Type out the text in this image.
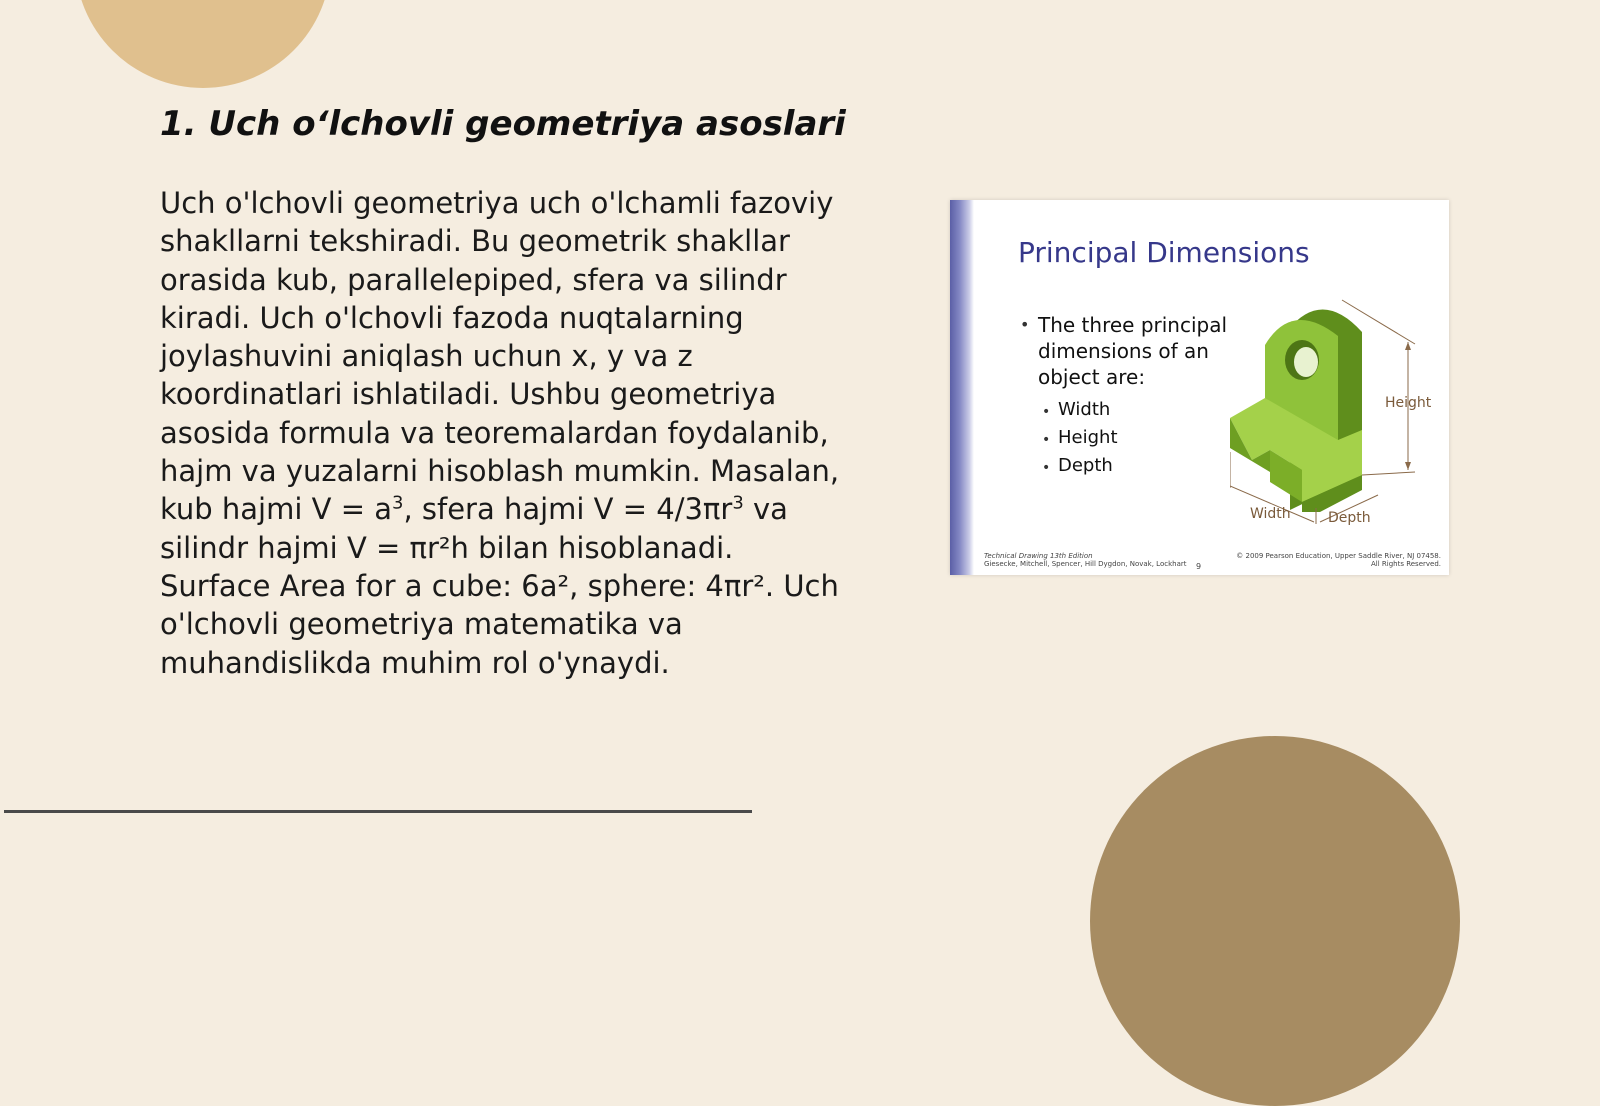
1. Uch o‘lchovli geometriya asoslari

Uch o'lchovli geometriya uch o'lchamli fazoviy shakllarni tekshiradi. Bu geometrik shakllar orasida kub, parallelepiped, sfera va silindr kiradi. Uch o'lchovli fazoda nuqtalarning joylashuvini aniqlash uchun x, y va z koordinatlari ishlatiladi. Ushbu geometriya asosida formula va teoremalardan foydalanib, hajm va yuzalarni hisoblash mumkin. Masalan, kub hajmi $V = a^3$, sfera hajmi $V = 4/3\pi r^3$ va silindr hajmi V = πr²h bilan hisoblanadi. Surface Area for a cube: 6a², sphere: 4πr². Uch o'lchovli geometriya matematika va muhandislikda muhim rol o'ynaydi.

Principal Dimensions
• The three principal dimensions of an object are:
• Width
• Height
• Depth
Height
Width	Depth
Technical Drawing 13th Edition
Giesecke, Mitchell, Spencer, Hill Dygdon, Novak, Lockhart 9
© 2009 Pearson Education, Upper Saddle River, NJ 07458.
All Rights Reserved.
